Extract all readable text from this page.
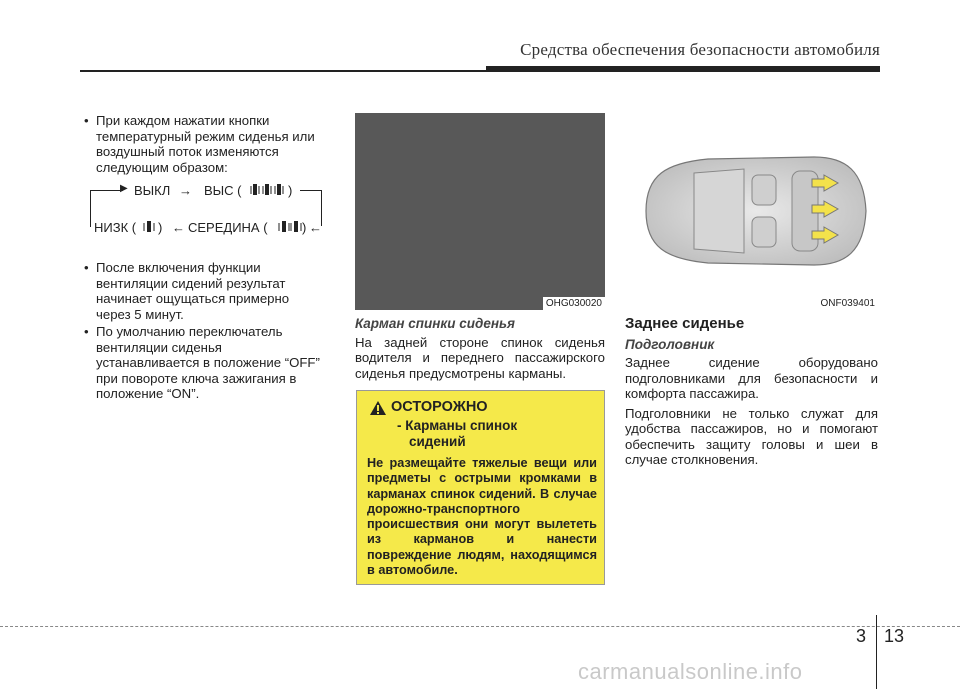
Средства обеспечения безопасности автомобиля
• При каждом нажатии кнопки
температурный режим сиденья или
воздушный поток изменяются
следующим образом:
▶ ВЫКЛ → ВЫС (	)
НИЗК ( ) ← СЕРЕДИНА (	) ←
• После включения функции
вентиляции сидений результат
начинает ощущаться примерно
через 5 минут.
• По умолчанию переключатель
вентиляции сиденья
устанавливается в положение “OFF”
при повороте ключа зажигания в
положение “ON”.
OHG030020	ONF039401
Карман спинки сиденья
На задней стороне спинок сиденья водителя и переднего пассажирского сиденья предусмотрены карманы.
ОСТОРОЖНО
- Карманы спинок
сидений
Не размещайте тяжелые вещи или предметы с острыми кромками в карманах спинок сидений. В случае дорожно-транспортного происшествия они могут вылететь из карманов и нанести повреждение людям, находящимся в автомобиле.
Заднее сиденье
Подголовник
Заднее сидение оборудовано подголовниками для безопасности и комфорта пассажира.
Подголовники не только служат для удобства пассажиров, но и помогают обеспечить защиту головы и шеи в случае столкновения.
3 13
carmanualsonline.info
